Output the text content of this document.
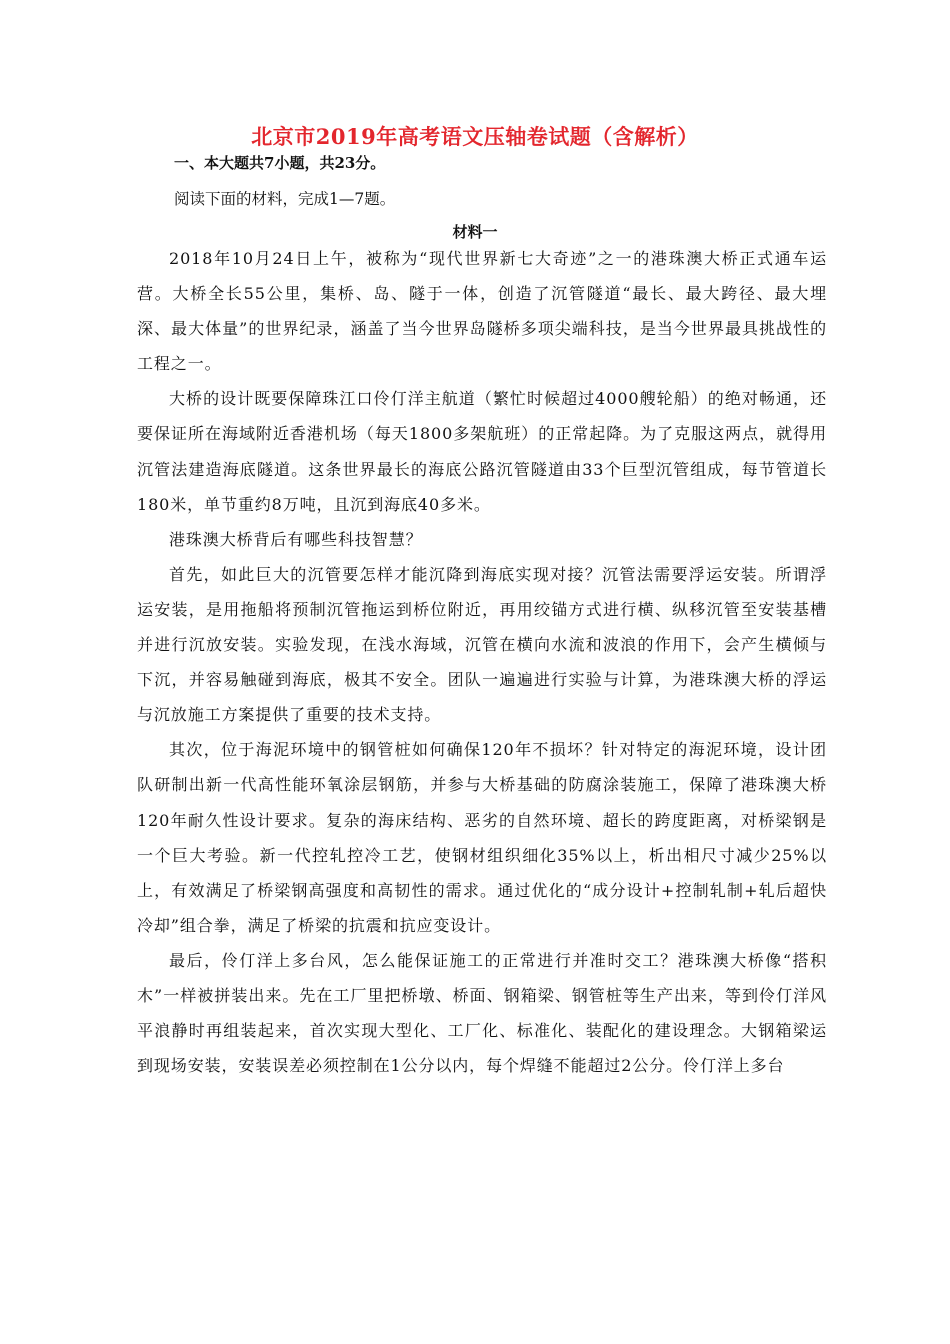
北京市2019年高考语文压轴卷试题（含解析）
一、本大题共7小题，共23分。
阅读下面的材料，完成1—7题。
材料一

2018年10月24日上午，被称为“现代世界新七大奇迹”之一的港珠澳大桥正式通车运营。大桥全长55公里，集桥、岛、隧于一体，创造了沉管隧道“最长、最大跨径、最大埋深、最大体量”的世界纪录，涵盖了当今世界岛隧桥多项尖端科技，是当今世界最具挑战性的工程之一。

大桥的设计既要保障珠江口伶仃洋主航道（繁忙时候超过4000艘轮船）的绝对畅通，还要保证所在海域附近香港机场（每天1800多架航班）的正常起降。为了克服这两点，就得用沉管法建造海底隧道。这条世界最长的海底公路沉管隧道由33个巨型沉管组成，每节管道长180米，单节重约8万吨，且沉到海底40多米。

港珠澳大桥背后有哪些科技智慧？

首先，如此巨大的沉管要怎样才能沉降到海底实现对接？沉管法需要浮运安装。所谓浮运安装，是用拖船将预制沉管拖运到桥位附近，再用绞锚方式进行横、纵移沉管至安装基槽并进行沉放安装。实验发现，在浅水海域，沉管在横向水流和波浪的作用下，会产生横倾与下沉，并容易触碰到海底，极其不安全。团队一遍遍进行实验与计算，为港珠澳大桥的浮运与沉放施工方案提供了重要的技术支持。

其次，位于海泥环境中的钢管桩如何确保120年不损坏？针对特定的海泥环境，设计团队研制出新一代高性能环氧涂层钢筋，并参与大桥基础的防腐涂装施工，保障了港珠澳大桥120年耐久性设计要求。复杂的海床结构、恶劣的自然环境、超长的跨度距离，对桥梁钢是一个巨大考验。新一代控轧控冷工艺，使钢材组织细化35%以上，析出相尺寸减少25%以上，有效满足了桥梁钢高强度和高韧性的需求。通过优化的“成分设计+控制轧制+轧后超快冷却”组合拳，满足了桥梁的抗震和抗应变设计。

最后，伶仃洋上多台风，怎么能保证施工的正常进行并准时交工？港珠澳大桥像“搭积木”一样被拼装出来。先在工厂里把桥墩、桥面、钢箱梁、钢管桩等生产出来，等到伶仃洋风平浪静时再组装起来，首次实现大型化、工厂化、标准化、装配化的建设理念。大钢箱梁运到现场安装，安装误差必须控制在1公分以内，每个焊缝不能超过2公分。伶仃洋上多台
